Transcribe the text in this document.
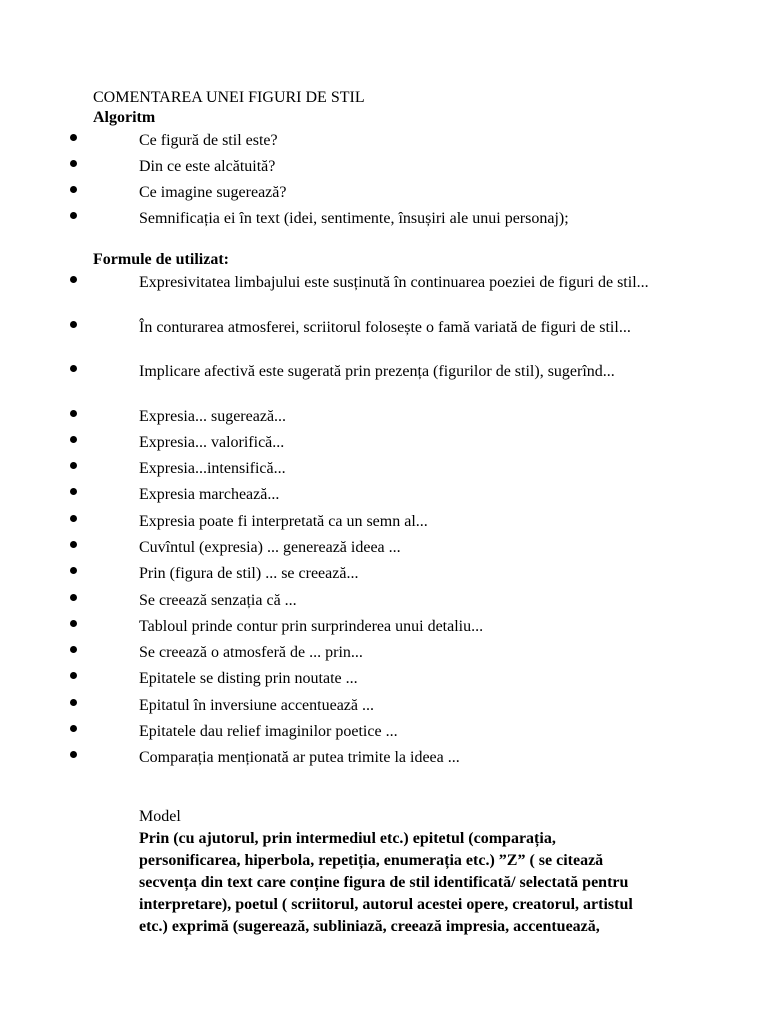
COMENTAREA UNEI FIGURI DE STIL
Algoritm
Ce figură de stil este?
Din ce este alcătuită?
Ce imagine sugerează?
Semnificația ei în text (idei, sentimente, însușiri ale unui personaj);
Formule de utilizat:
Expresivitatea limbajului este susținută în continuarea poeziei de figuri de stil...
În conturarea atmosferei, scriitorul folosește o famă variată de figuri de stil...
Implicare afectivă este sugerată prin prezența (figurilor de stil), sugerînd...
Expresia... sugerează...
Expresia... valorifică...
Expresia...intensifică...
Expresia marchează...
Expresia poate fi interpretată ca un semn al...
Cuvîntul (expresia) ... generează ideea ...
Prin (figura de stil) ... se creează...
Se creează senzația că ...
Tabloul prinde contur prin surprinderea unui detaliu...
Se creează o atmosferă de ... prin...
Epitatele se disting prin noutate ...
Epitatul în inversiune accentuează ...
Epitatele dau relief imaginilor poetice ...
Comparația menționată ar putea trimite la ideea ...
Model
Prin (cu ajutorul, prin intermediul etc.) epitetul (comparația, personificarea, hiperbola, repetiția, enumerația etc.) ”Z” ( se citează secvența din text care conține figura de stil identificată/ selectată pentru interpretare), poetul ( scriitorul, autorul acestei opere, creatorul, artistul etc.) exprimă (sugerează, subliniază, creează impresia, accentuează,
